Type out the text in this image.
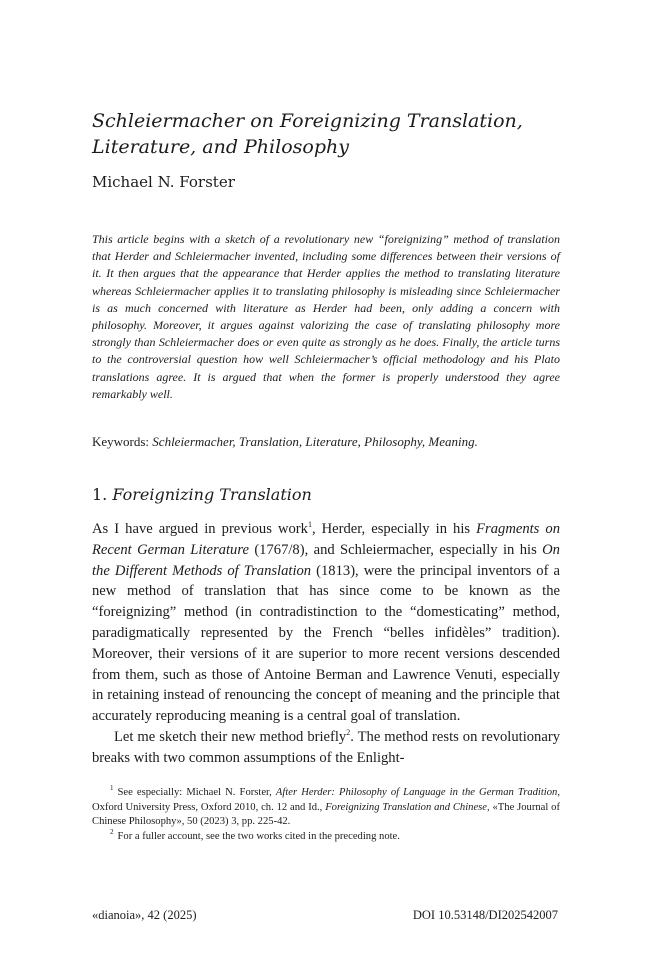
Schleiermacher on Foreignizing Translation, Literature, and Philosophy
Michael N. Forster

This article begins with a sketch of a revolutionary new “foreignizing” method of translation that Herder and Schleiermacher invented, including some differences between their versions of it. It then argues that the appearance that Herder applies the method to translating literature whereas Schleiermacher applies it to translating philosophy is misleading since Schleiermacher is as much concerned with literature as Herder had been, only adding a concern with philosophy. Moreover, it argues against valorizing the case of translating philosophy more strongly than Schleiermacher does or even quite as strongly as he does. Finally, the article turns to the controversial question how well Schleiermacher’s official methodology and his Plato translations agree. It is argued that when the former is properly understood they agree remarkably well.

Keywords: Schleiermacher, Translation, Literature, Philosophy, Meaning.
1. Foreignizing Translation

As I have argued in previous work$^1$, Herder, especially in his Fragments on Recent German Literature (1767/8), and Schleiermacher, especially in his On the Different Methods of Translation (1813), were the principal inventors of a new method of translation that has since come to be known as the “foreignizing” method (in contradistinction to the “domesticating” method, paradigmatically represented by the French “belles infidèles” tradition). Moreover, their versions of it are superior to more recent versions descended from them, such as those of Antoine Berman and Lawrence Venuti, especially in retaining instead of renouncing the concept of meaning and the principle that accurately reproducing meaning is a central goal of translation.

Let me sketch their new method briefly$^2$. The method rests on revolutionary breaks with two common assumptions of the Enlight-

$^1$ See especially: Michael N. Forster, After Herder: Philosophy of Language in the German Tradition, Oxford University Press, Oxford 2010, ch. 12 and Id., Foreignizing Translation and Chinese, «The Journal of Chinese Philosophy», 50 (2023) 3, pp. 225-42.

$^2$ For a fuller account, see the two works cited in the preceding note.

«dianoia», 42 (2025)	DOI 10.53148/DI202542007
